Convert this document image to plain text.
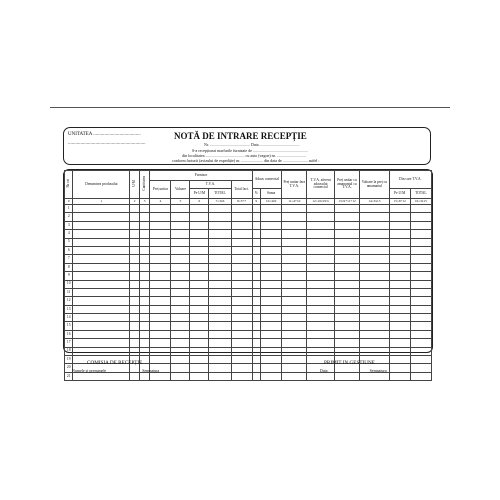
UNITATEA ......................................
..............................................................
NOTĂ DE INTRARE RECEPȚIE
Nr. ........................................ Data ........................................
S-a recepționat marfurile furnizate de .......................................................
din localitatea ....................................... cu auto (vagon) nr. .............................
conform facturii (avizului de expediție) nr. ...................... din data de ......................... astfel :
Nr crt	Denumirea produsului	U/M	Cantitatea	Furnizor					Adaos comercial		Preț unitar fara T.V.A.	T.V.A. aferent adaosului comercial	Preț unitar cu amanuntul cu T.V.A.	Valoare la preț cu amanuntul	Din care T.V.A.	
				Preț unitar	Valoare	T.V.A.		Total fact.								
						Pe U/M	TOTAL		%	Suma					Pe U/M	TOTAL
0	1	2	3	4	5	6	7=3x6	8=5+7	9	10=4x9	11=4+10	12=10x19%	13=9+11+12	14=3x13	15=6+12	16=3x15
1																
2																
3																
4																
5																
6																
7																
8																
9																
10																
11																
12																
13																
14																
15																
16																
17																
18																
19																
20																
21																
COMISIA DE RECEPȚIE
Numele și prenumele	Semnatura
PRIMIT IN GESTIUNE
Data	Semnatura
